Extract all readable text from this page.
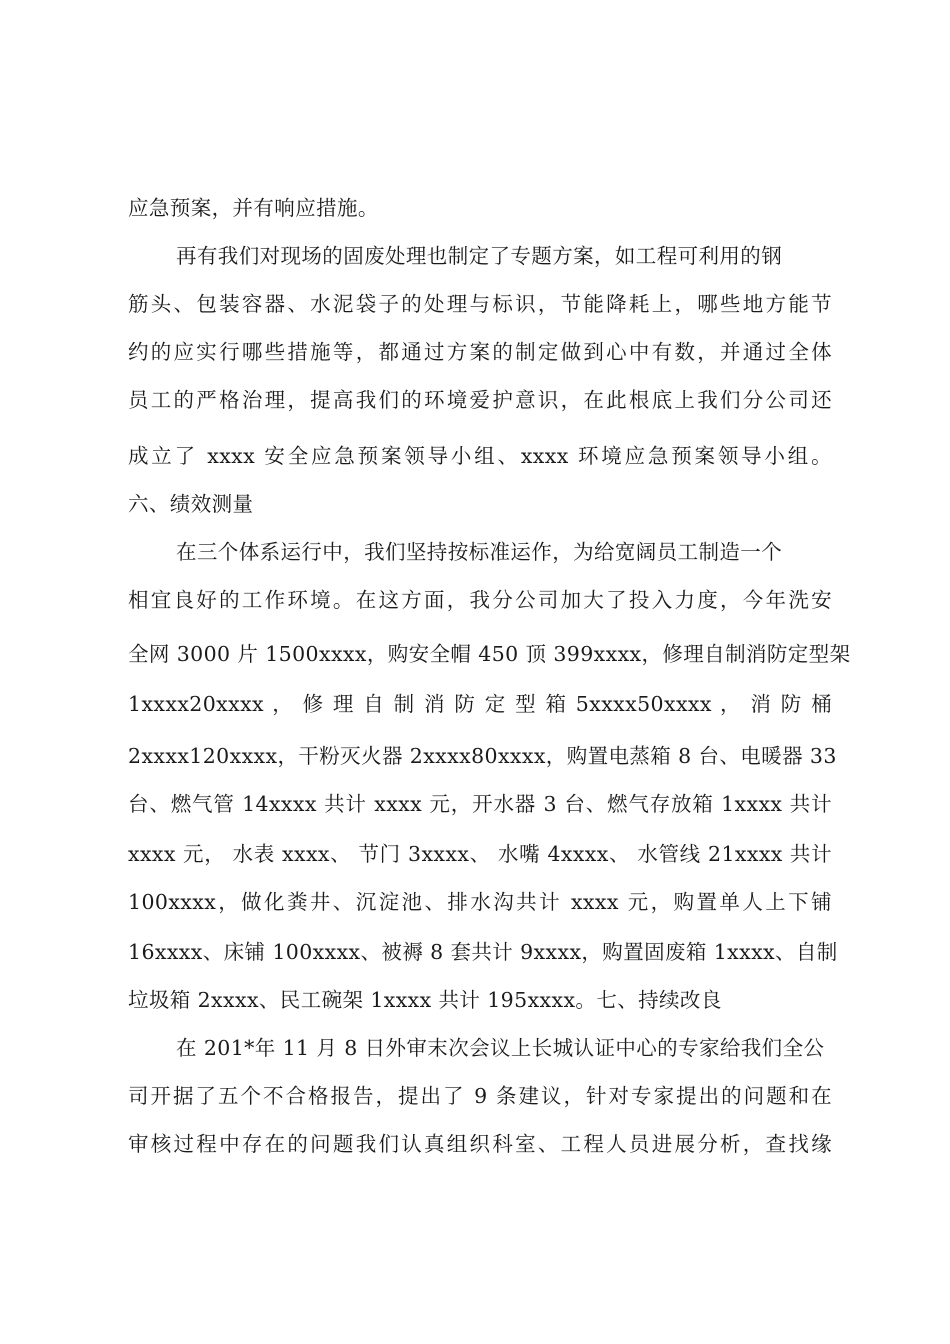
应急预案，并有响应措施。
再有我们对现场的固废处理也制定了专题方案，如工程可利用的钢
筋头、包装容器、水泥袋子的处理与标识，节能降耗上，哪些地方能节
约的应实行哪些措施等，都通过方案的制定做到心中有数，并通过全体
员工的严格治理，提高我们的环境爱护意识，在此根底上我们分公司还
成立了 xxxx 安全应急预案领导小组、xxxx 环境应急预案领导小组。
六、绩效测量
在三个体系运行中，我们坚持按标准运作，为给宽阔员工制造一个
相宜良好的工作环境。在这方面，我分公司加大了投入力度，今年洗安
全网 3000 片 1500xxxx，购安全帽 450 顶 399xxxx，修理自制消防定型架
1xxxx20xxxx ， 修 理 自 制 消 防 定 型 箱 5xxxx50xxxx ， 消 防 桶
2xxxx120xxxx，干粉灭火器 2xxxx80xxxx，购置电蒸箱 8 台、电暖器 33
台、燃气管 14xxxx 共计 xxxx 元，开水器 3 台、燃气存放箱 1xxxx 共计
xxxx 元， 水表 xxxx、 节门 3xxxx、 水嘴 4xxxx、 水管线 21xxxx 共计
100xxxx，做化粪井、沉淀池、排水沟共计 xxxx 元，购置单人上下铺
16xxxx、床铺 100xxxx、被褥 8 套共计 9xxxx，购置固废箱 1xxxx、自制
垃圾箱 2xxxx、民工碗架 1xxxx 共计 195xxxx。七、持续改良
在 201*年 11 月 8 日外审末次会议上长城认证中心的专家给我们全公
司开据了五个不合格报告，提出了 9 条建议，针对专家提出的问题和在
审核过程中存在的问题我们认真组织科室、工程人员进展分析，查找缘
